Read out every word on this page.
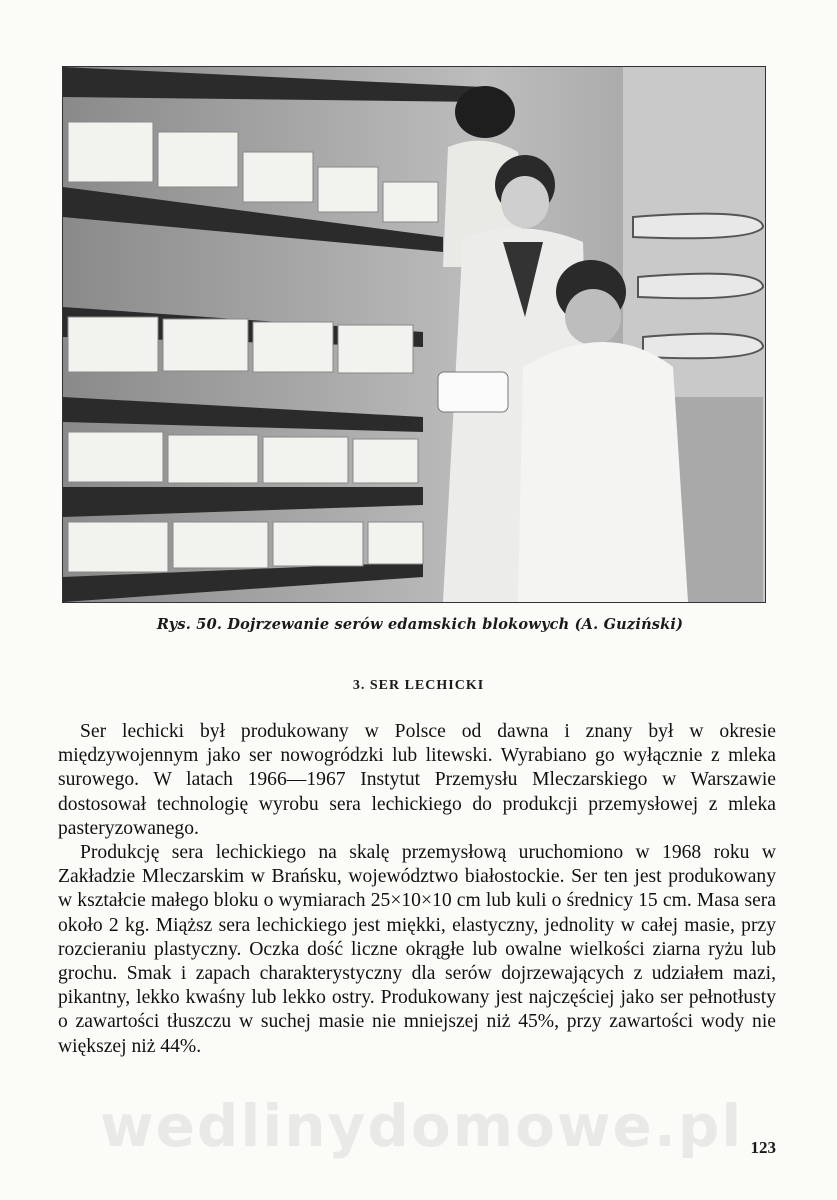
Rys. 50. Dojrzewanie serów edamskich blokowych (A. Guziński)
3. SER LECHICKI

Ser lechicki był produkowany w Polsce od dawna i znany był w okresie międzywojennym jako ser nowogródzki lub litewski. Wyrabiano go wyłącznie z mleka surowego. W latach 1966—1967 Instytut Przemysłu Mleczarskiego w Warszawie dostosował technologię wyrobu sera lechickiego do produkcji przemysłowej z mleka pasteryzowanego.

Produkcję sera lechickiego na skalę przemysłową uruchomiono w 1968 roku w Zakładzie Mleczarskim w Brańsku, województwo białostockie. Ser ten jest produkowany w kształcie małego bloku o wymiarach 25×10×10 cm lub kuli o średnicy 15 cm. Masa sera około 2 kg. Miąższ sera lechickiego jest miękki, elastyczny, jednolity w całej masie, przy rozcieraniu plastyczny. Oczka dość liczne okrągłe lub owalne wielkości ziarna ryżu lub grochu. Smak i zapach charakterystyczny dla serów dojrzewających z udziałem mazi, pikantny, lekko kwaśny lub lekko ostry. Produkowany jest najczęściej jako ser pełnotłusty o zawartości tłuszczu w suchej masie nie mniejszej niż 45%, przy zawartości wody nie większej niż 44%.

wedlinydomowe.pl 123
